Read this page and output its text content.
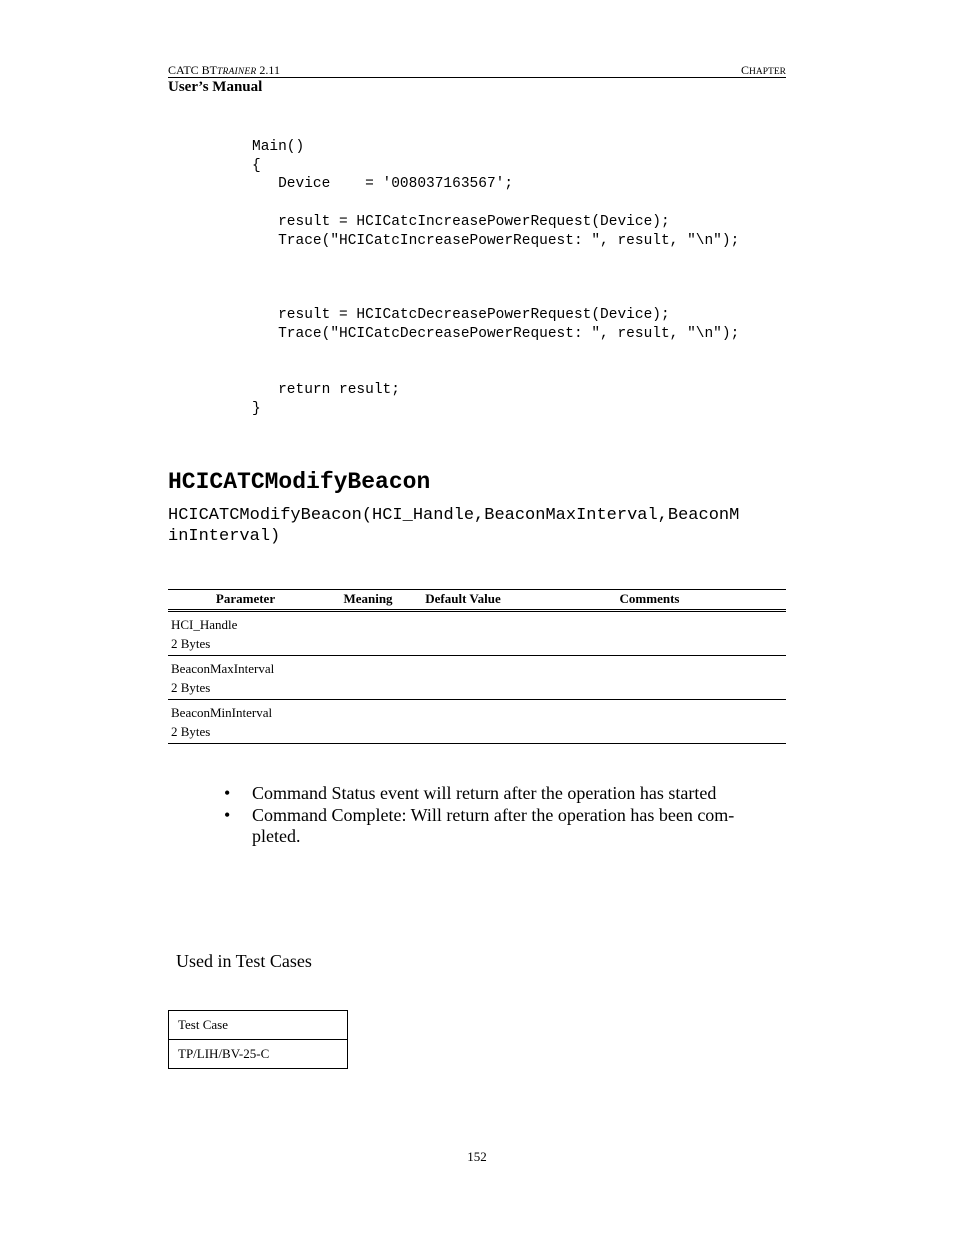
CATC BTTRAINER 2.11	CHAPTER
User’s Manual
Main()
{
Device    = '008037163567';

result = HCICatcIncreasePowerRequest(Device);
Trace("HCICatcIncreasePowerRequest: ", result, "\n");

result = HCICatcDecreasePowerRequest(Device);
Trace("HCICatcDecreasePowerRequest: ", result, "\n");

return result;
}
HCICATCModifyBeacon
HCICATCModifyBeacon(HCI_Handle,BeaconMaxInterval,BeaconM
inInterval)
Parameter	Meaning	Default Value	Comments
HCI_Handle			
2 Bytes			
BeaconMaxInterval			
2 Bytes			
BeaconMinInterval			
2 Bytes			
• Command Status event will return after the operation has started
• Command Complete: Will return after the operation has been com-
pleted.
Used in Test Cases
Test Case
TP/LIH/BV-25-C
152
